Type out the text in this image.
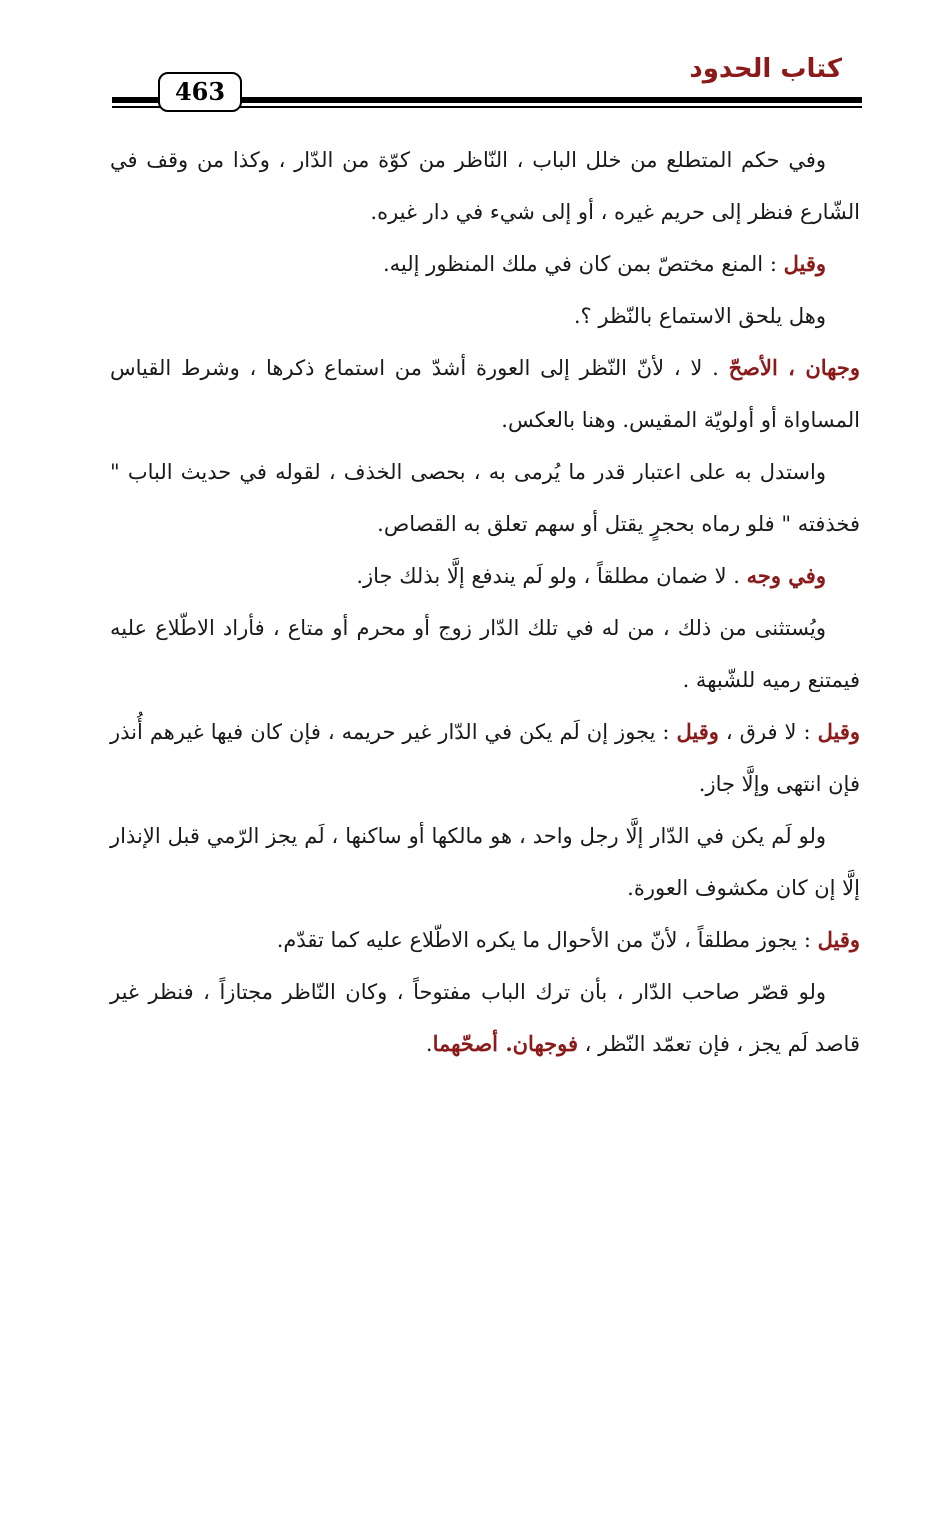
463
كتاب الحدود

وفي حكم المتطلع من خلل الباب ، النّاظر من كوّة من الدّار ، وكذا من وقف في الشّارع فنظر إلى حريم غيره ، أو إلى شيء في دار غيره.

وقيل : المنع مختصّ بمن كان في ملك المنظور إليه.

وهل يلحق الاستماع بالنّظر ؟.

وجهان ، الأصحّ . لا ، لأنّ النّظر إلى العورة أشدّ من استماع ذكرها ، وشرط القياس المساواة أو أولويّة المقيس. وهنا بالعكس.

واستدل به على اعتبار قدر ما يُرمى به ، بحصى الخذف ، لقوله في حديث الباب " فخذفته " فلو رماه بحجرٍ يقتل أو سهم تعلق به القصاص.

وفي وجه . لا ضمان مطلقاً ، ولو لَم يندفع إلَّا بذلك جاز.

ويُستثنى من ذلك ، من له في تلك الدّار زوج أو محرم أو متاع ، فأراد الاطّلاع عليه فيمتنع رميه للشّبهة .

وقيل : لا فرق ، وقيل : يجوز إن لَم يكن في الدّار غير حريمه ، فإن كان فيها غيرهم أُنذر فإن انتهى وإلَّا جاز.

ولو لَم يكن في الدّار إلَّا رجل واحد ، هو مالكها أو ساكنها ، لَم يجز الرّمي قبل الإنذار إلَّا إن كان مكشوف العورة.

وقيل : يجوز مطلقاً ، لأنّ من الأحوال ما يكره الاطّلاع عليه كما تقدّم.

ولو قصّر صاحب الدّار ، بأن ترك الباب مفتوحاً ، وكان النّاظر مجتازاً ، فنظر غير قاصد لَم يجز ، فإن تعمّد النّظر ، فوجهان. أصحّهما.
